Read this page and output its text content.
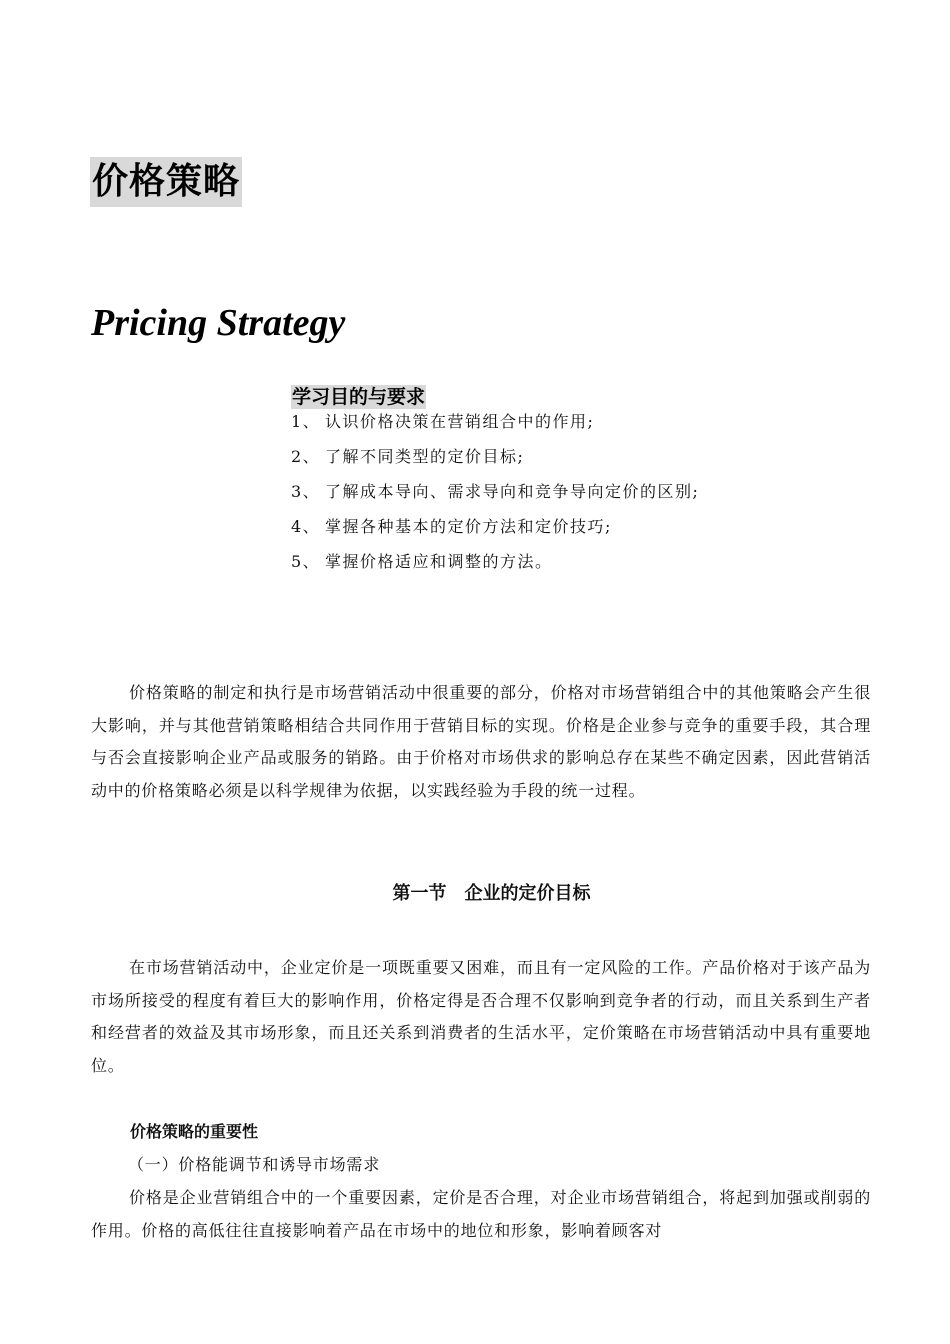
价格策略
Pricing Strategy
学习目的与要求
1、 认识价格决策在营销组合中的作用;
2、 了解不同类型的定价目标;
3、 了解成本导向、需求导向和竞争导向定价的区别;
4、 掌握各种基本的定价方法和定价技巧;
5、 掌握价格适应和调整的方法。

价格策略的制定和执行是市场营销活动中很重要的部分，价格对市场营销组合中的其他策略会产生很大影响，并与其他营销策略相结合共同作用于营销目标的实现。价格是企业参与竞争的重要手段，其合理与否会直接影响企业产品或服务的销路。由于价格对市场供求的影响总存在某些不确定因素，因此营销活动中的价格策略必须是以科学规律为依据，以实践经验为手段的统一过程。

第一节　企业的定价目标

在市场营销活动中，企业定价是一项既重要又困难，而且有一定风险的工作。产品价格对于该产品为市场所接受的程度有着巨大的影响作用，价格定得是否合理不仅影响到竞争者的行动，而且关系到生产者和经营者的效益及其市场形象，而且还关系到消费者的生活水平，定价策略在市场营销活动中具有重要地位。

价格策略的重要性
（一）价格能调节和诱导市场需求

价格是企业营销组合中的一个重要因素，定价是否合理，对企业市场营销组合，将起到加强或削弱的作用。价格的高低往往直接影响着产品在市场中的地位和形象，影响着顾客对
